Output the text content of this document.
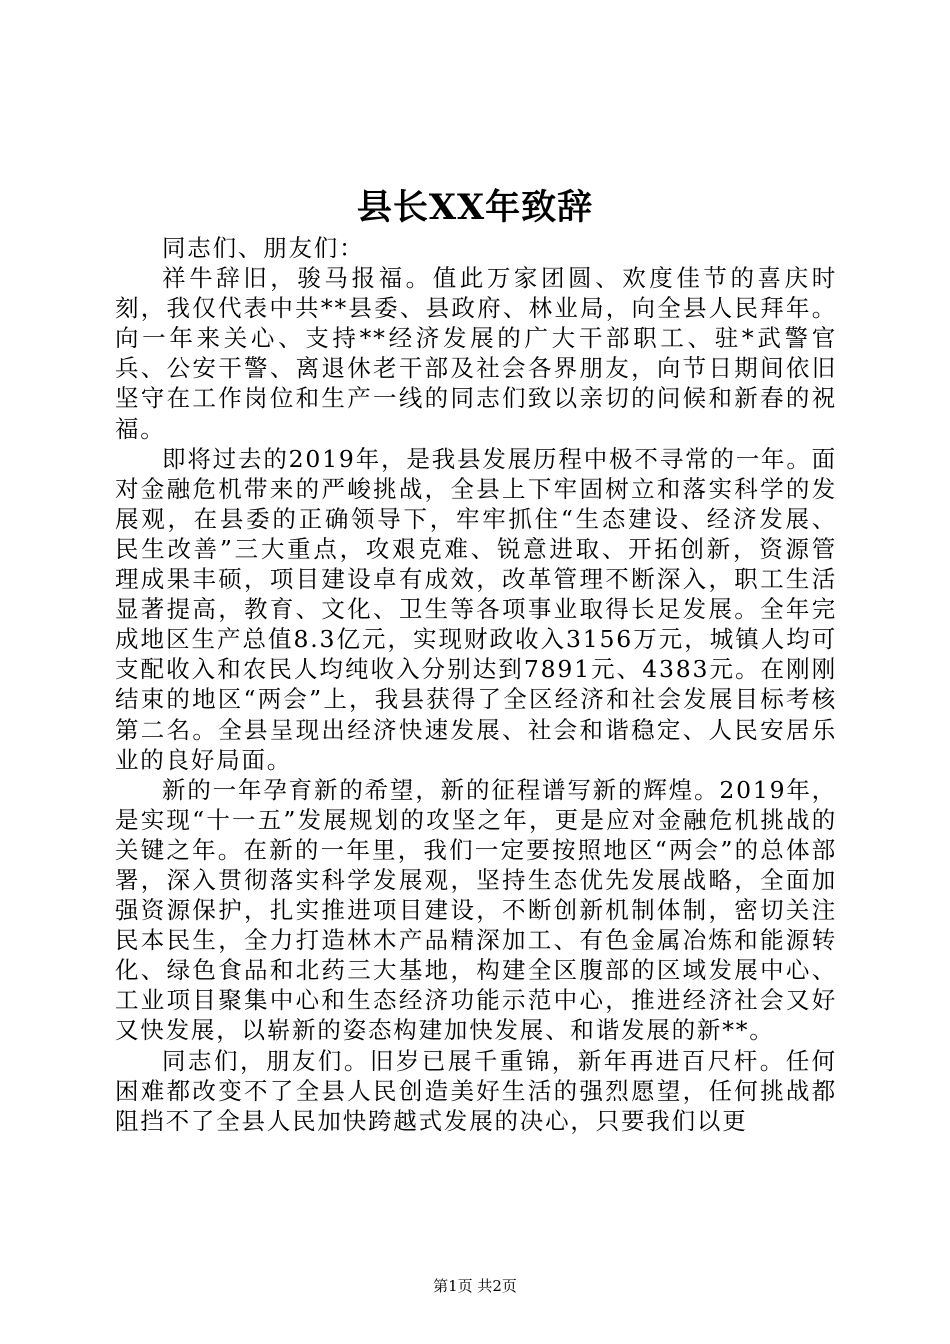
县长XX年致辞

同志们、朋友们：

祥牛辞旧，骏马报福。值此万家团圆、欢度佳节的喜庆时刻，我仅代表中共**县委、县政府、林业局，向全县人民拜年。向一年来关心、支持**经济发展的广大干部职工、驻*武警官兵、公安干警、离退休老干部及社会各界朋友，向节日期间依旧坚守在工作岗位和生产一线的同志们致以亲切的问候和新春的祝福。

即将过去的2019年，是我县发展历程中极不寻常的一年。面对金融危机带来的严峻挑战，全县上下牢固树立和落实科学的发展观，在县委的正确领导下，牢牢抓住“生态建设、经济发展、民生改善”三大重点，攻艰克难、锐意进取、开拓创新，资源管理成果丰硕，项目建设卓有成效，改革管理不断深入，职工生活显著提高，教育、文化、卫生等各项事业取得长足发展。全年完成地区生产总值8.3亿元，实现财政收入3156万元，城镇人均可支配收入和农民人均纯收入分别达到7891元、4383元。在刚刚结束的地区“两会”上，我县获得了全区经济和社会发展目标考核第二名。全县呈现出经济快速发展、社会和谐稳定、人民安居乐业的良好局面。

新的一年孕育新的希望，新的征程谱写新的辉煌。2019年，是实现“十一五”发展规划的攻坚之年，更是应对金融危机挑战的关键之年。在新的一年里，我们一定要按照地区“两会”的总体部署，深入贯彻落实科学发展观，坚持生态优先发展战略，全面加强资源保护，扎实推进项目建设，不断创新机制体制，密切关注民本民生，全力打造林木产品精深加工、有色金属冶炼和能源转化、绿色食品和北药三大基地，构建全区腹部的区域发展中心、工业项目聚集中心和生态经济功能示范中心，推进经济社会又好又快发展，以崭新的姿态构建加快发展、和谐发展的新**。

同志们，朋友们。旧岁已展千重锦，新年再进百尺杆。任何困难都改变不了全县人民创造美好生活的强烈愿望，任何挑战都阻挡不了全县人民加快跨越式发展的决心，只要我们以更

第1页 共2页
